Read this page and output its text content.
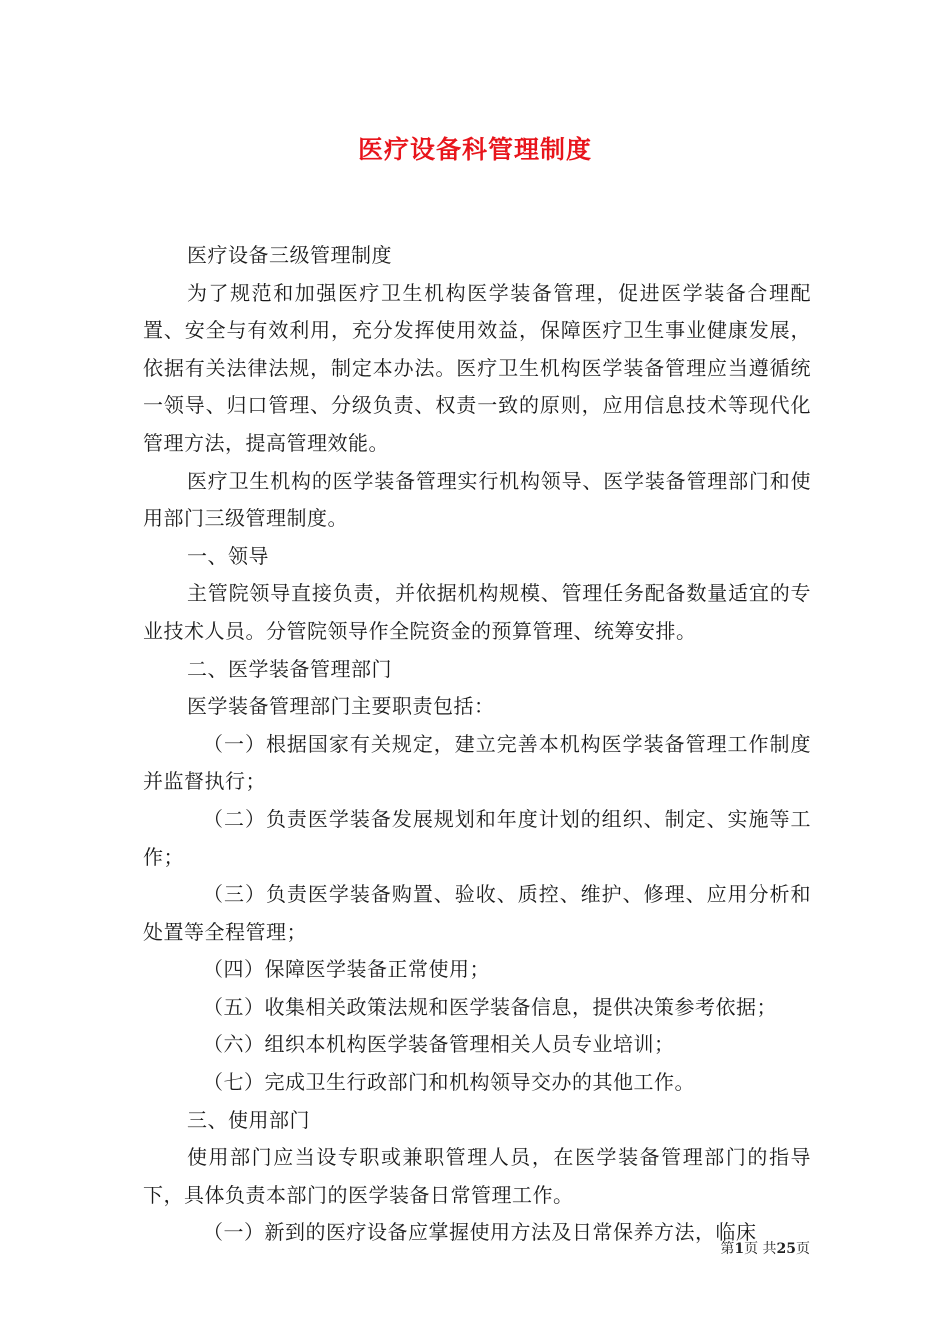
医疗设备科管理制度

医疗设备三级管理制度

为了规范和加强医疗卫生机构医学装备管理，促进医学装备合理配置、安全与有效利用，充分发挥使用效益，保障医疗卫生事业健康发展，依据有关法律法规，制定本办法。医疗卫生机构医学装备管理应当遵循统一领导、归口管理、分级负责、权责一致的原则，应用信息技术等现代化管理方法，提高管理效能。

医疗卫生机构的医学装备管理实行机构领导、医学装备管理部门和使用部门三级管理制度。

一、领导

主管院领导直接负责，并依据机构规模、管理任务配备数量适宜的专业技术人员。分管院领导作全院资金的预算管理、统筹安排。

二、医学装备管理部门

医学装备管理部门主要职责包括：

（一）根据国家有关规定，建立完善本机构医学装备管理工作制度并监督执行；

（二）负责医学装备发展规划和年度计划的组织、制定、实施等工作；

（三）负责医学装备购置、验收、质控、维护、修理、应用分析和处置等全程管理；

（四）保障医学装备正常使用；

（五）收集相关政策法规和医学装备信息，提供决策参考依据；

（六）组织本机构医学装备管理相关人员专业培训；

（七）完成卫生行政部门和机构领导交办的其他工作。

三、使用部门

使用部门应当设专职或兼职管理人员，在医学装备管理部门的指导下，具体负责本部门的医学装备日常管理工作。

（一）新到的医疗设备应掌握使用方法及日常保养方法，临床

第1页 共25页
